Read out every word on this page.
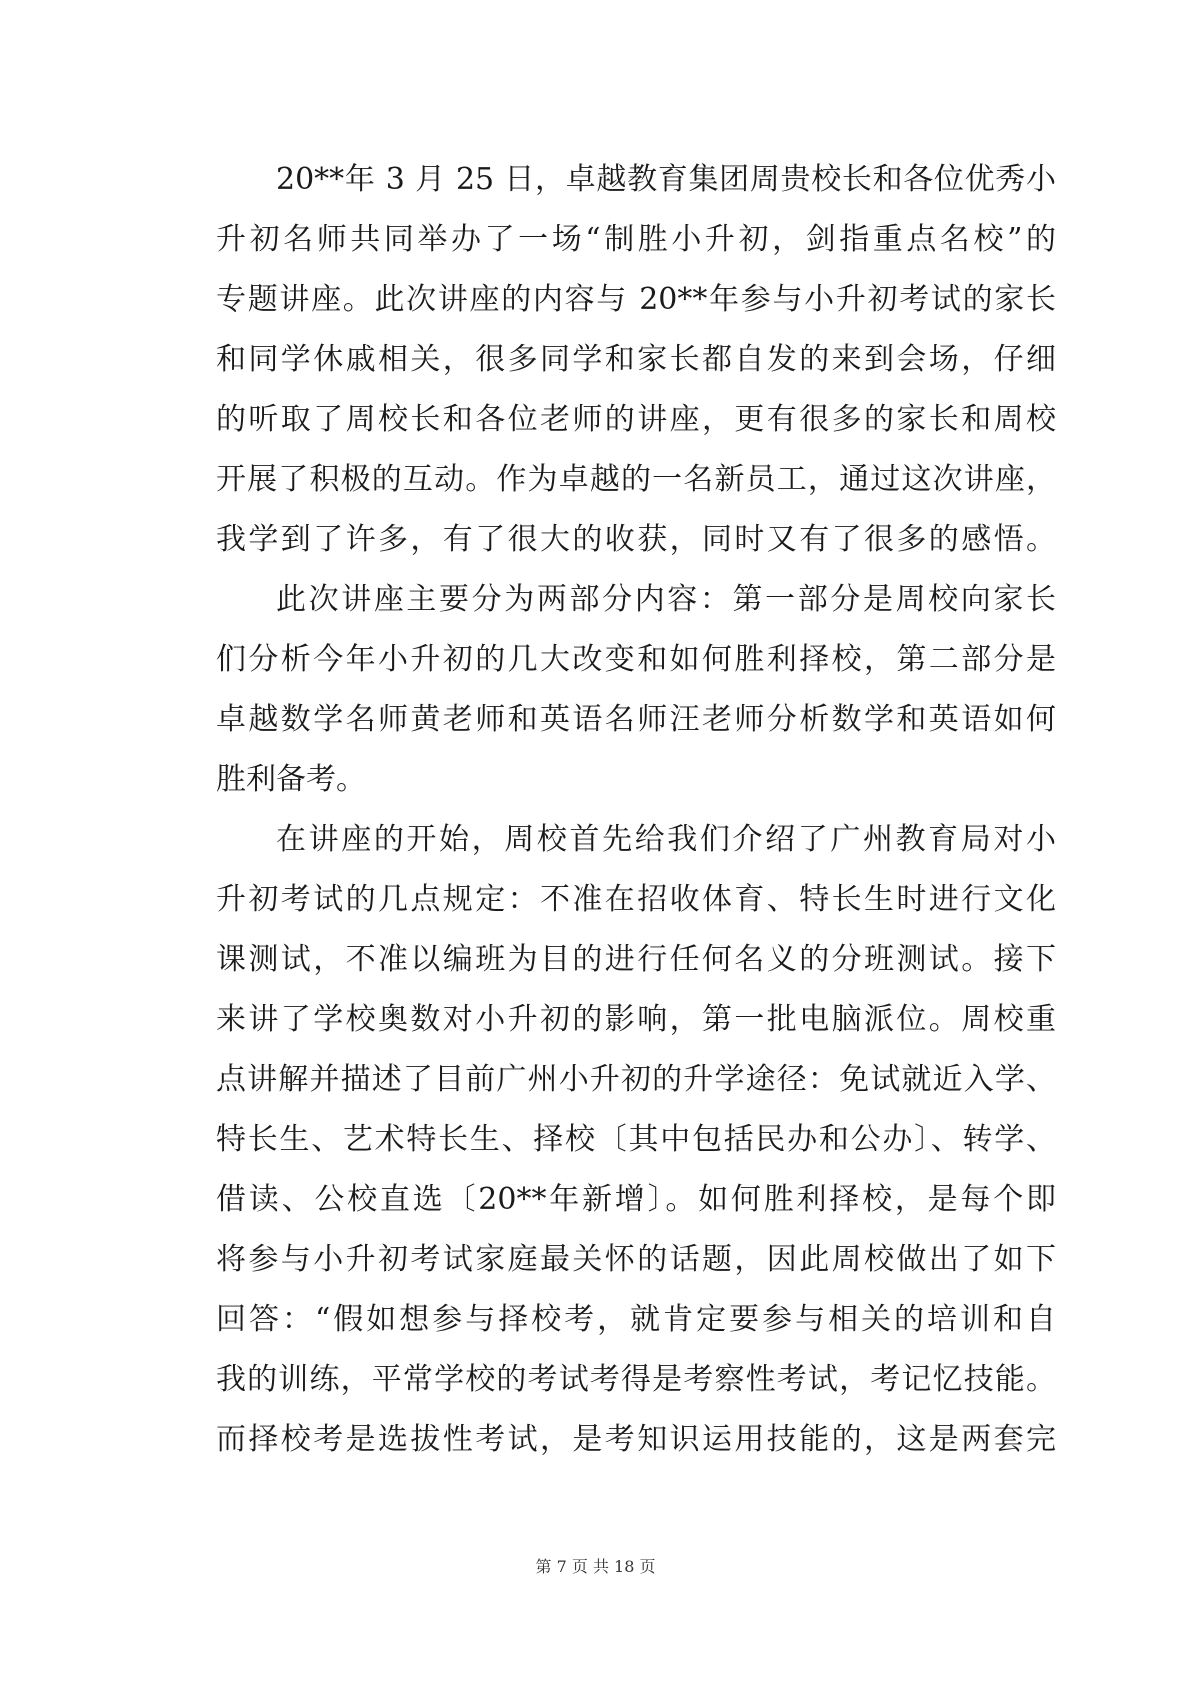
20**年 3 月 25 日，卓越教育集团周贵校长和各位优秀小
升初名师共同举办了一场“制胜小升初，剑指重点名校”的
专题讲座。此次讲座的内容与 20**年参与小升初考试的家长
和同学休戚相关，很多同学和家长都自发的来到会场，仔细
的听取了周校长和各位老师的讲座，更有很多的家长和周校
开展了积极的互动。作为卓越的一名新员工，通过这次讲座，
我学到了许多，有了很大的收获，同时又有了很多的感悟。
此次讲座主要分为两部分内容：第一部分是周校向家长
们分析今年小升初的几大改变和如何胜利择校，第二部分是
卓越数学名师黄老师和英语名师汪老师分析数学和英语如何
胜利备考。
在讲座的开始，周校首先给我们介绍了广州教育局对小
升初考试的几点规定：不准在招收体育、特长生时进行文化
课测试，不准以编班为目的进行任何名义的分班测试。接下
来讲了学校奥数对小升初的影响，第一批电脑派位。周校重
点讲解并描述了目前广州小升初的升学途径：免试就近入学、
特长生、艺术特长生、择校〔其中包括民办和公办〕、转学、
借读、公校直选〔20**年新增〕。如何胜利择校，是每个即
将参与小升初考试家庭最关怀的话题，因此周校做出了如下
回答：“假如想参与择校考，就肯定要参与相关的培训和自
我的训练，平常学校的考试考得是考察性考试，考记忆技能。
而择校考是选拔性考试，是考知识运用技能的，这是两套完
第 7 页 共 18 页
